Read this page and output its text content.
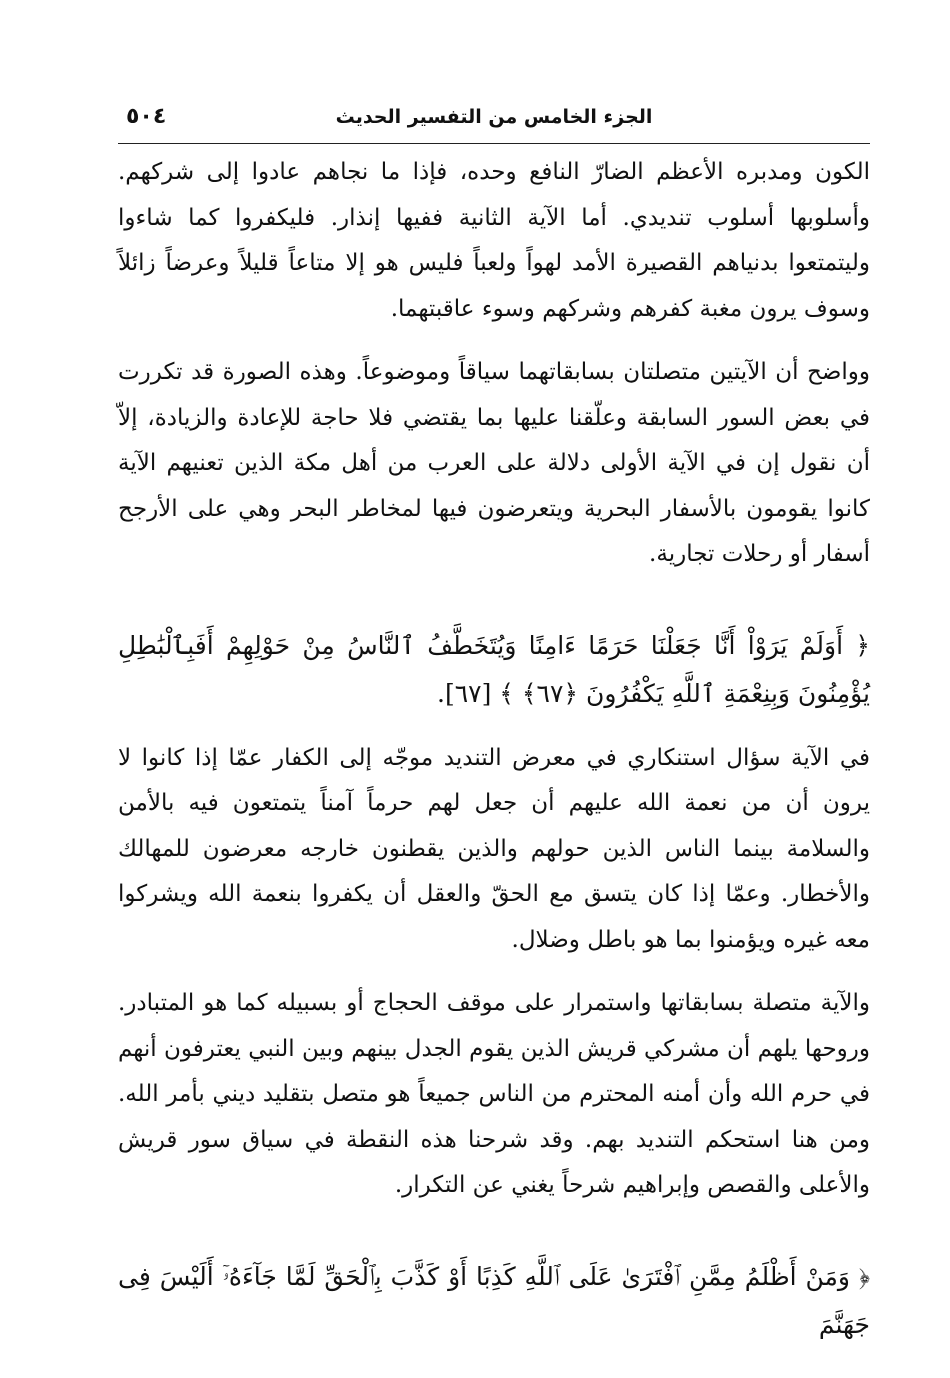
الجزء الخامس من التفسير الحديث
٥٠٤

الكون ومدبره الأعظم الضارّ النافع وحده، فإذا ما نجاهم عادوا إلى شركهم. وأسلوبها أسلوب تنديدي. أما الآية الثانية ففيها إنذار. فليكفروا كما شاءوا وليتمتعوا بدنياهم القصيرة الأمد لهواً ولعباً فليس هو إلا متاعاً قليلاً وعرضاً زائلاً وسوف يرون مغبة كفرهم وشركهم وسوء عاقبتهما.

وواضح أن الآيتين متصلتان بسابقاتهما سياقاً وموضوعاً. وهذه الصورة قد تكررت في بعض السور السابقة وعلّقنا عليها بما يقتضي فلا حاجة للإعادة والزيادة، إلاّ أن نقول إن في الآية الأولى دلالة على العرب من أهل مكة الذين تعنيهم الآية كانوا يقومون بالأسفار البحرية ويتعرضون فيها لمخاطر البحر وهي على الأرجح أسفار أو رحلات تجارية.

﴿ أَوَلَمْ يَرَوْاْ أَنَّا جَعَلْنَا حَرَمًا ءَامِنًا وَيُتَخَطَّفُ ٱلنَّاسُ مِنْ حَوْلِهِمْ أَفَبِٱلْبَٰطِلِ يُؤْمِنُونَ وَبِنِعْمَةِ ٱللَّهِ يَكْفُرُونَ ﴿٦٧﴾ ﴾ [٦٧].

في الآية سؤال استنكاري في معرض التنديد موجّه إلى الكفار عمّا إذا كانوا لا يرون أن من نعمة الله عليهم أن جعل لهم حرماً آمناً يتمتعون فيه بالأمن والسلامة بينما الناس الذين حولهم والذين يقطنون خارجه معرضون للمهالك والأخطار. وعمّا إذا كان يتسق مع الحقّ والعقل أن يكفروا بنعمة الله ويشركوا معه غيره ويؤمنوا بما هو باطل وضلال.

والآية متصلة بسابقاتها واستمرار على موقف الحجاج أو بسبيله كما هو المتبادر. وروحها يلهم أن مشركي قريش الذين يقوم الجدل بينهم وبين النبي يعترفون أنهم في حرم الله وأن أمنه المحترم من الناس جميعاً هو متصل بتقليد ديني بأمر الله. ومن هنا استحكم التنديد بهم. وقد شرحنا هذه النقطة في سياق سور قريش والأعلى والقصص وإبراهيم شرحاً يغني عن التكرار.

﴿ وَمَنْ أَظْلَمُ مِمَّنِ ٱفْتَرَىٰ عَلَى ٱللَّهِ كَذِبًا أَوْ كَذَّبَ بِٱلْحَقِّ لَمَّا جَآءَهُۥٓ أَلَيْسَ فِى جَهَنَّمَ
